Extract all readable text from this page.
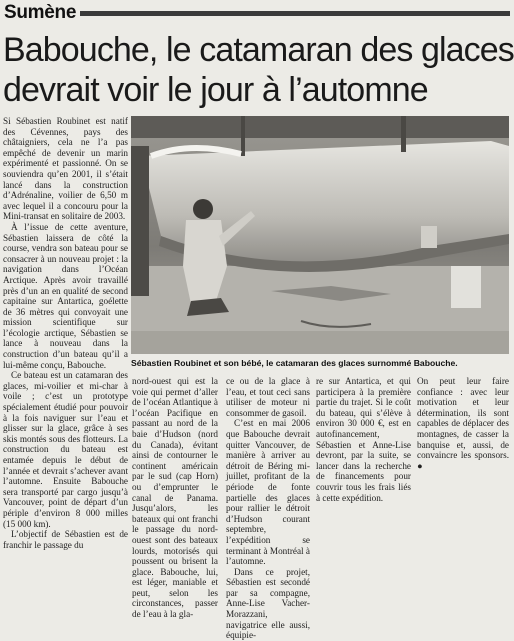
Sumène
Babouche, le catamaran des glaces
devrait voir le jour à l’automne

Si Sébastien Roubinet est natif des Cévennes, pays des châtaigniers, cela ne l’a pas empêché de devenir un marin expérimenté et passionné. On se souviendra qu’en 2001, il s’était lancé dans la construction d’Adrénaline, voilier de 6,50 m avec lequel il a concouru pour la Mini-transat en solitaire de 2003.

À l’issue de cette aventure, Sébastien laissera de côté la course, vendra son bateau pour se consacrer à un nouveau projet : la navigation dans l’Océan Arctique. Après avoir travaillé près d’un an en qualité de second capitaine sur Antartica, goélette de 36 mètres qui convoyait une mission scientifique sur l’écologie arctique, Sébastien se lance à nouveau dans la construction d’un bateau qu’il a lui-même conçu, Babouche.

Ce bateau est un catamaran des glaces, mi-voilier et mi-char à voile ; c’est un prototype spécialement étudié pour pouvoir à la fois naviguer sur l’eau et glisser sur la glace, grâce à ses skis montés sous des flotteurs. La construction du bateau est entamée depuis le début de l’année et devrait s’achever avant l’automne. Ensuite Babouche sera transporté par cargo jusqu’à Vancouver, point de départ d’un périple d’environ 8 000 milles (15 000 km).

L’objectif de Sébastien est de franchir le passage du

Sébastien Roubinet et son bébé, le catamaran des glaces surnommé Babouche.

nord-ouest qui est la voie qui permet d’aller de l’océan Atlantique à l’océan Pacifique en passant au nord de la baie d’Hudson (nord du Canada), évitant ainsi de contourner le continent américain par le sud (cap Horn) ou d’emprunter le canal de Panama. Jusqu’alors, les bateaux qui ont franchi le passage du nord-ouest sont des bateaux lourds, motorisés qui poussent ou brisent la glace. Babouche, lui, est léger, maniable et peut, selon les circonstances, passer de l’eau à la gla-

ce ou de la glace à l’eau, et tout ceci sans utiliser de moteur ni consommer de gasoil.

C’est en mai 2006 que Babouche devrait quitter Vancouver, de manière à arriver au détroit de Béring mi-juillet, profitant de la période de fonte partielle des glaces pour rallier le détroit d’Hudson courant septembre, l’expédition se terminant à Montréal à l’automne.

Dans ce projet, Sébastien est secondé par sa compagne, Anne-Lise Vacher-Morazzani, navigatrice elle aussi, équipie-

re sur Antartica, et qui participera à la première partie du trajet. Si le coût du bateau, qui s’élève à environ 30 000 €, est en autofinancement, Sébastien et Anne-Lise devront, par la suite, se lancer dans la recherche de financements pour couvrir tous les frais liés à cette expédition.

On peut leur faire confiance : avec leur motivation et leur détermination, ils sont capables de déplacer des montagnes, de casser la banquise et, aussi, de convaincre les sponsors. ●
